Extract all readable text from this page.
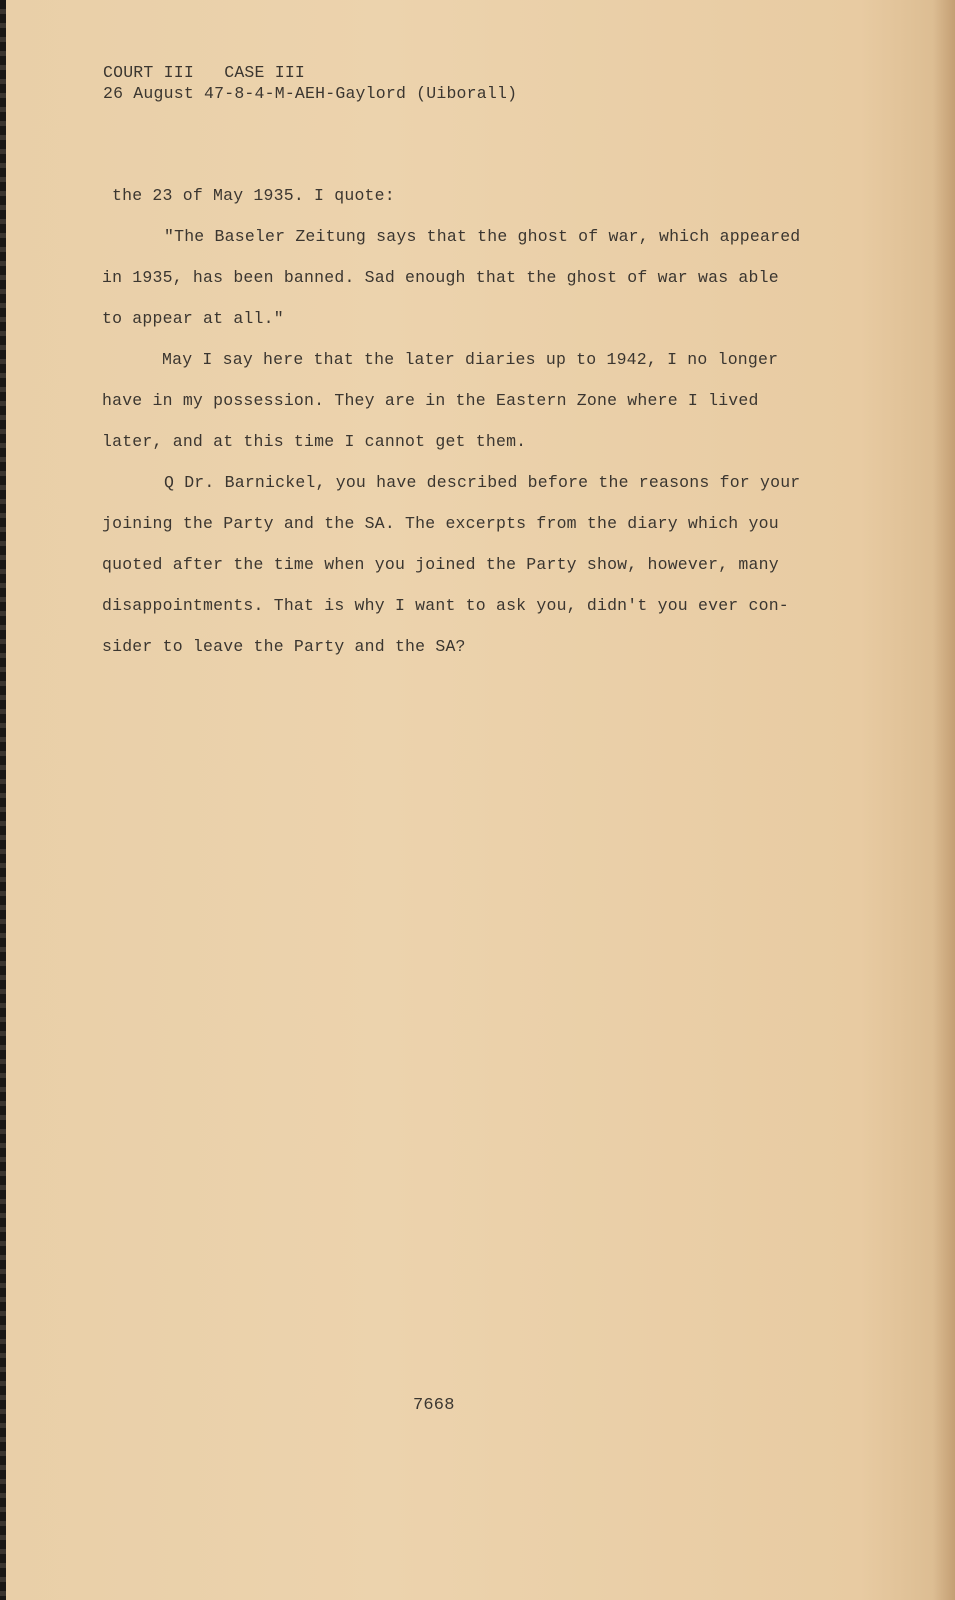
COURT III   CASE III
26 August 47-8-4-M-AEH-Gaylord (Uiborall)
the 23 of May 1935. I quote:
"The Baseler Zeitung says that the ghost of war, which appeared
in 1935, has been banned. Sad enough that the ghost of war was able
to appear at all."
May I say here that the later diaries up to 1942, I no longer
have in my possession. They are in the Eastern Zone where I lived
later, and at this time I cannot get them.
Q Dr. Barnickel, you have described before the reasons for your
joining the Party and the SA. The excerpts from the diary which you
quoted after the time when you joined the Party show, however, many
disappointments. That is why I want to ask you, didn't you ever con-
sider to leave the Party and the SA?
7668
